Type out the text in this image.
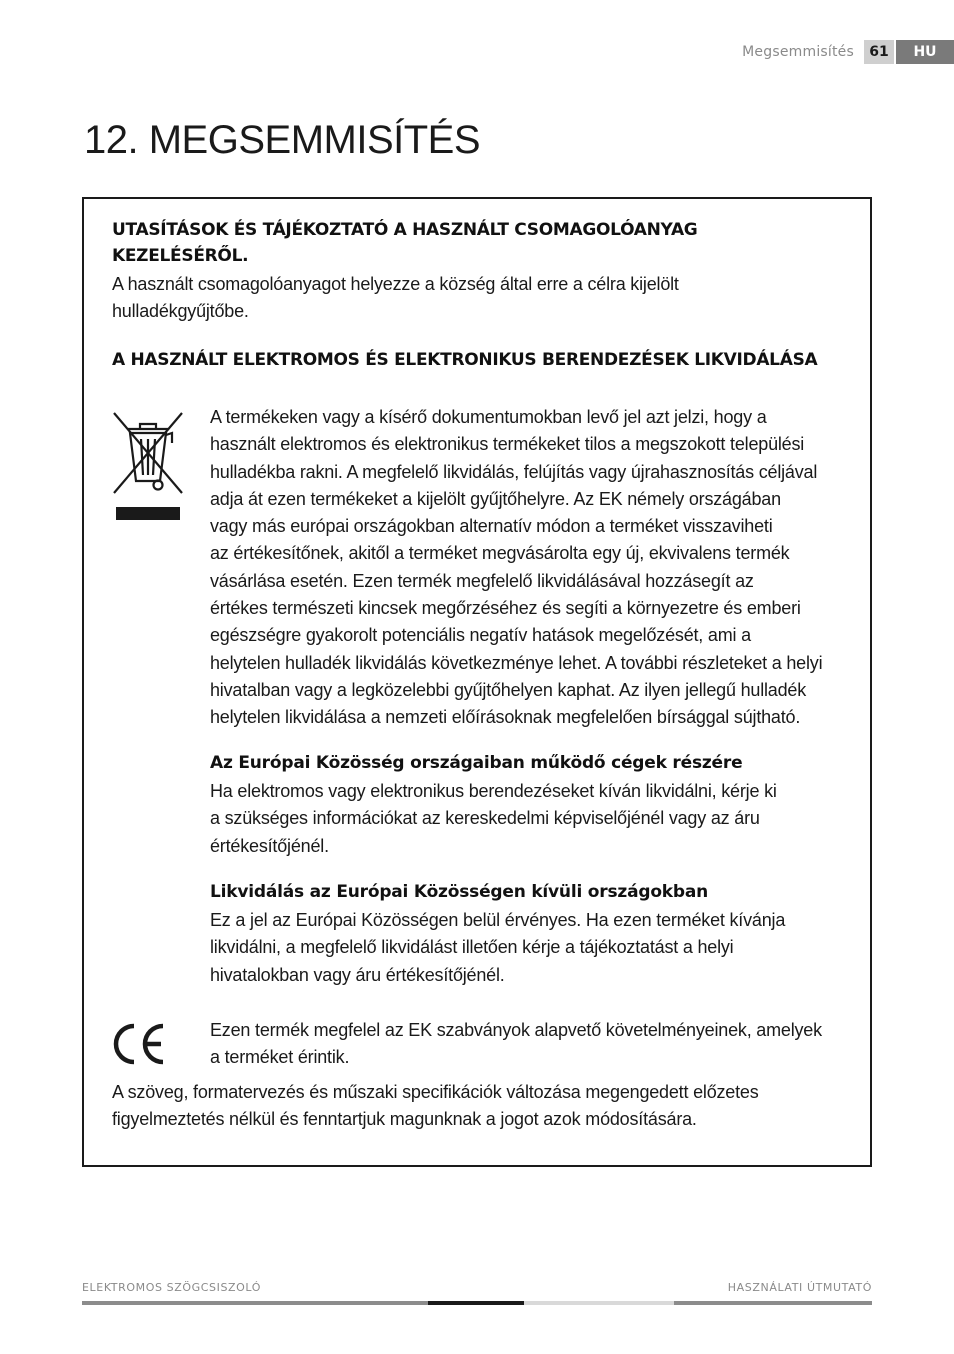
Megsemmisítés	61	HU
12. MEGSEMMISÍTÉS

UTASÍTÁSOK ÉS TÁJÉKOZTATÓ A HASZNÁLT CSOMAGOLÓANYAG
KEZELÉSÉRŐL.

A használt csomagolóanyagot helyezze a község által erre a célra kijelölt
hulladékgyűjtőbe.

A HASZNÁLT ELEKTROMOS ÉS ELEKTRONIKUS BERENDEZÉSEK LIKVIDÁLÁSA

A termékeken vagy a kísérő dokumentumokban levő jel azt jelzi, hogy a
használt elektromos és elektronikus termékeket tilos a megszokott települési
hulladékba rakni. A megfelelő likvidálás, felújítás vagy újrahasznosítás céljával
adja át ezen termékeket a kijelölt gyűjtőhelyre. Az EK némely országában
vagy más európai országokban alternatív módon a terméket visszaviheti
az értékesítőnek, akitől a terméket megvásárolta egy új, ekvivalens termék
vásárlása esetén. Ezen termék megfelelő likvidálásával hozzásegít az
értékes természeti kincsek megőrzéséhez és segíti a környezetre és emberi
egészségre gyakorolt potenciális negatív hatások megelőzését, ami a
helytelen hulladék likvidálás következménye lehet. A további részleteket a helyi
hivatalban vagy a legközelebbi gyűjtőhelyen kaphat. Az ilyen jellegű hulladék
helytelen likvidálása a nemzeti előírásoknak megfelelően bírsággal sújtható.

Az Európai Közösség országaiban működő cégek részére

Ha elektromos vagy elektronikus berendezéseket kíván likvidálni, kérje ki
a szükséges információkat az kereskedelmi képviselőjénél vagy az áru
értékesítőjénél.

Likvidálás az Európai Közösségen kívüli országokban

Ez a jel az Európai Közösségen belül érvényes. Ha ezen terméket kívánja
likvidálni, a megfelelő likvidálást illetően kérje a tájékoztatást a helyi
hivatalokban vagy áru értékesítőjénél.

Ezen termék megfelel az EK szabványok alapvető követelményeinek, amelyek
a terméket érintik.

A szöveg, formatervezés és műszaki specifikációk változása megengedett előzetes
figyelmeztetés nélkül és fenntartjuk magunknak a jogot azok módosítására.

ELEKTROMOS SZÖGCSISZOLÓ	HASZNÁLATI ÚTMUTATÓ
